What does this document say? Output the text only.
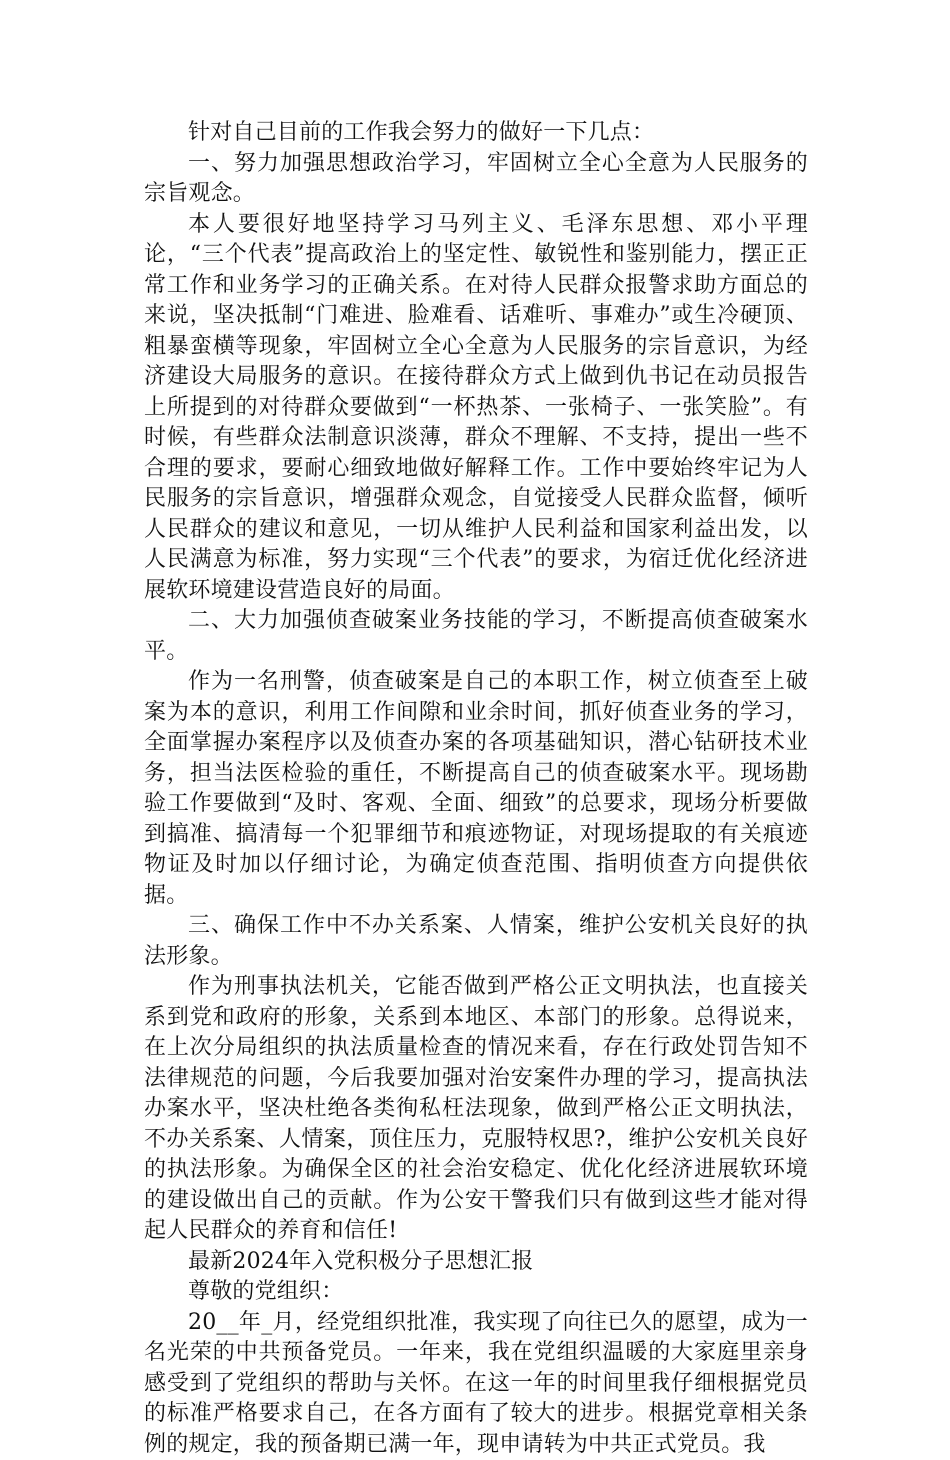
针对自己目前的工作我会努力的做好一下几点：

一、努力加强思想政治学习，牢固树立全心全意为人民服务的宗旨观念。

本人要很好地坚持学习马列主义、毛泽东思想、邓小平理论，“三个代表”提高政治上的坚定性、敏锐性和鉴别能力，摆正正常工作和业务学习的正确关系。在对待人民群众报警求助方面总的来说，坚决抵制“门难进、脸难看、话难听、事难办”或生冷硬顶、粗暴蛮横等现象，牢固树立全心全意为人民服务的宗旨意识，为经济建设大局服务的意识。在接待群众方式上做到仇书记在动员报告上所提到的对待群众要做到“一杯热茶、一张椅子、一张笑脸”。有时候，有些群众法制意识淡薄，群众不理解、不支持，提出一些不合理的要求，要耐心细致地做好解释工作。工作中要始终牢记为人民服务的宗旨意识，增强群众观念，自觉接受人民群众监督，倾听人民群众的建议和意见，一切从维护人民利益和国家利益出发，以人民满意为标准，努力实现“三个代表”的要求，为宿迁优化经济进展软环境建设营造良好的局面。

二、大力加强侦查破案业务技能的学习，不断提高侦查破案水平。

作为一名刑警，侦查破案是自己的本职工作，树立侦查至上破案为本的意识，利用工作间隙和业余时间，抓好侦查业务的学习，全面掌握办案程序以及侦查办案的各项基础知识，潜心钻研技术业务，担当法医检验的重任，不断提高自己的侦查破案水平。现场勘验工作要做到“及时、客观、全面、细致”的总要求，现场分析要做到搞准、搞清每一个犯罪细节和痕迹物证，对现场提取的有关痕迹物证及时加以仔细讨论，为确定侦查范围、指明侦查方向提供依据。

三、确保工作中不办关系案、人情案，维护公安机关良好的执法形象。

作为刑事执法机关，它能否做到严格公正文明执法，也直接关系到党和政府的形象，关系到本地区、本部门的形象。总得说来，在上次分局组织的执法质量检查的情况来看，存在行政处罚告知不法律规范的问题，今后我要加强对治安案件办理的学习，提高执法办案水平，坚决杜绝各类徇私枉法现象，做到严格公正文明执法，不办关系案、人情案，顶住压力，克服特权思?，维护公安机关良好的执法形象。为确保全区的社会治安稳定、优化化经济进展软环境的建设做出自己的贡献。作为公安干警我们只有做到这些才能对得起人民群众的养育和信任!

最新2024年入党积极分子思想汇报

尊敬的党组织：

20__年_月，经党组织批准，我实现了向往已久的愿望，成为一名光荣的中共预备党员。一年来，我在党组织温暖的大家庭里亲身感受到了党组织的帮助与关怀。在这一年的时间里我仔细根据党员的标准严格要求自己，在各方面有了较大的进步。根据党章相关条例的规定，我的预备期已满一年，现申请转为中共正式党员。我
